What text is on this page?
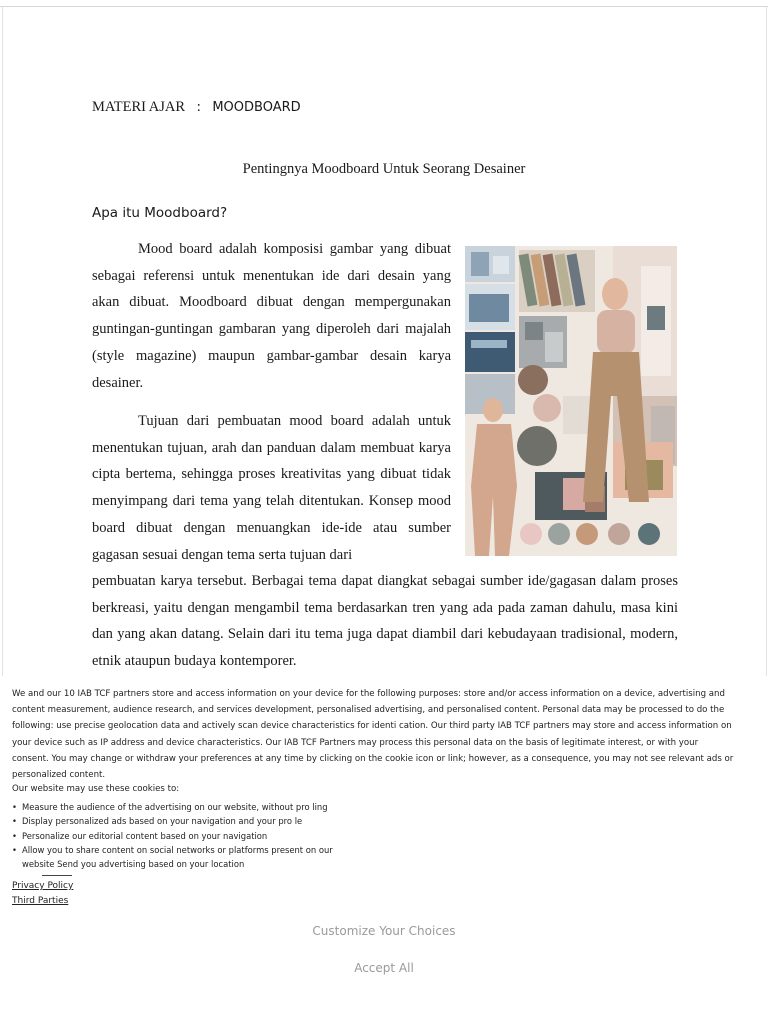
MATERI AJAR : MOODBOARD
Pentingnya Moodboard Untuk Seorang Desainer
Apa itu Moodboard?

Mood board adalah komposisi gambar yang dibuat sebagai referensi untuk menentukan ide dari desain yang akan dibuat. Moodboard dibuat dengan mempergunakan guntingan-guntingan gambaran yang diperoleh dari majalah (style magazine) maupun gambar-gambar desain karya desainer.

Tujuan dari pembuatan mood board adalah untuk menentukan tujuan, arah dan panduan dalam membuat karya cipta bertema, sehingga proses kreativitas yang dibuat tidak menyimpang dari tema yang telah ditentukan. Konsep mood board dibuat dengan menuangkan ide-ide atau sumber gagasan sesuai dengan tema serta tujuan dari

pembuatan karya tersebut. Berbagai tema dapat diangkat sebagai sumber ide/gagasan dalam proses berkreasi, yaitu dengan mengambil tema berdasarkan tren yang ada pada zaman dahulu, masa kini dan yang akan datang. Selain dari itu tema juga dapat diambil dari kebudayaan tradisional, modern, etnik ataupun budaya kontemporer.

We and our 10 IAB TCF partners store and access information on your device for the following purposes: store and/or access information on a device, advertising and content measurement, audience research, and services development, personalised advertising, and personalised content. Personal data may be processed to do the following: use precise geolocation data and actively scan device characteristics for identi cation. Our third party IAB TCF partners may store and access information on your device such as IP address and device characteristics. Our IAB TCF Partners may process this personal data on the basis of legitimate interest, or with your consent. You may change or withdraw your preferences at any time by clicking on the cookie icon or link; however, as a consequence, you may not see relevant ads or personalized content.

Our website may use these cookies to:
• Measure the audience of the advertising on our website, without pro ling
• Display personalized ads based on your navigation and your pro le
• Personalize our editorial content based on your navigation
• Allow you to share content on social networks or platforms present on our
website Send you advertising based on your location
Privacy Policy
Third Parties
Customize Your Choices
Accept All
